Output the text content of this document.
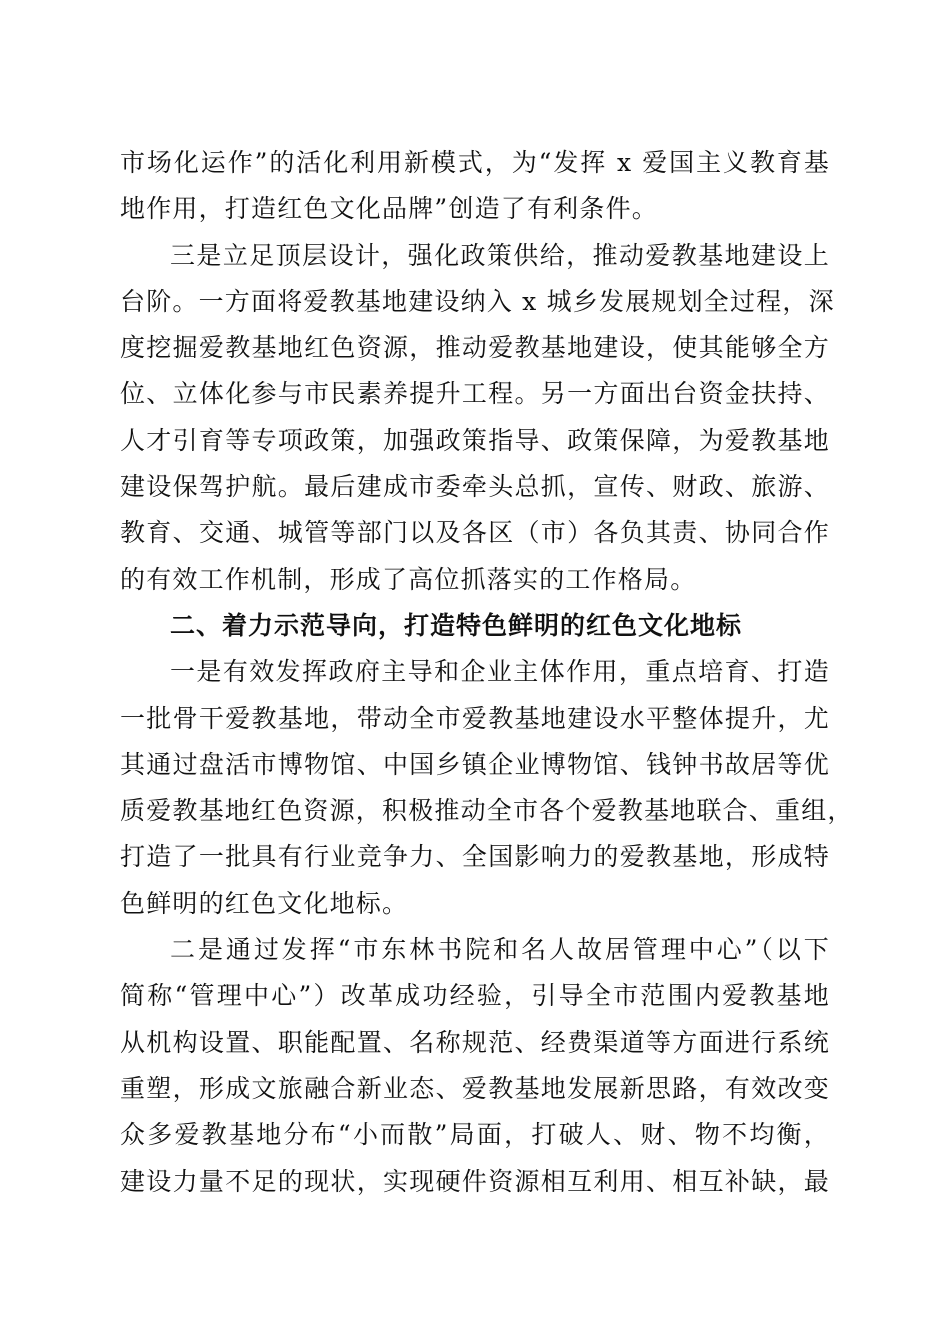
市场化运作”的活化利用新模式，为“发挥 x 爱国主义教育基
地作用，打造红色文化品牌”创造了有利条件。
三是立足顶层设计，强化政策供给，推动爱教基地建设上
台阶。一方面将爱教基地建设纳入 x 城乡发展规划全过程，深
度挖掘爱教基地红色资源，推动爱教基地建设，使其能够全方
位、立体化参与市民素养提升工程。另一方面出台资金扶持、
人才引育等专项政策，加强政策指导、政策保障，为爱教基地
建设保驾护航。最后建成市委牵头总抓，宣传、财政、旅游、
教育、交通、城管等部门以及各区（市）各负其责、协同合作
的有效工作机制，形成了高位抓落实的工作格局。
二、着力示范导向，打造特色鲜明的红色文化地标
一是有效发挥政府主导和企业主体作用，重点培育、打造
一批骨干爱教基地，带动全市爱教基地建设水平整体提升，尤
其通过盘活市博物馆、中国乡镇企业博物馆、钱钟书故居等优
质爱教基地红色资源，积极推动全市各个爱教基地联合、重组，
打造了一批具有行业竞争力、全国影响力的爱教基地，形成特
色鲜明的红色文化地标。
二是通过发挥“市东林书院和名人故居管理中心”（以下
简称“管理中心”）改革成功经验，引导全市范围内爱教基地
从机构设置、职能配置、名称规范、经费渠道等方面进行系统
重塑，形成文旅融合新业态、爱教基地发展新思路，有效改变
众多爱教基地分布“小而散”局面，打破人、财、物不均衡，
建设力量不足的现状，实现硬件资源相互利用、相互补缺，最
